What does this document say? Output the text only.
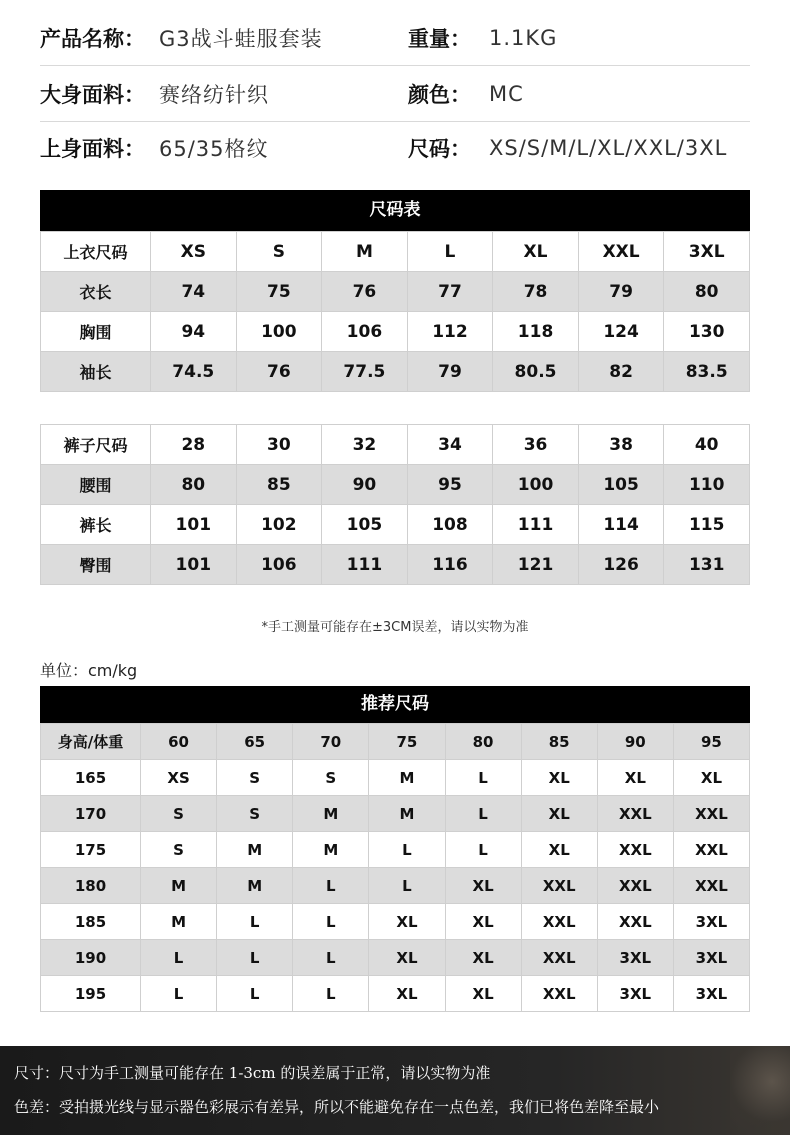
产品名称： G3战斗蛙服套装	重量： 1.1KG
大身面料： 赛络纺针织	颜色： MC
上身面料： 65/35格纹	尺码： XS/S/M/L/XL/XXL/3XL
尺码表
上衣尺码	XS	S	M	L	XL	XXL	3XL
衣长	74	75	76	77	78	79	80
胸围	94	100	106	112	118	124	130
袖长	74.5	76	77.5	79	80.5	82	83.5
裤子尺码	28	30	32	34	36	38	40
腰围	80	85	90	95	100	105	110
裤长	101	102	105	108	111	114	115
臀围	101	106	111	116	121	126	131
*手工测量可能存在±3CM误差，请以实物为准
单位：cm/kg
推荐尺码
身高/体重	60	65	70	75	80	85	90	95
165	XS	S	S	M	L	XL	XL	XL
170	S	S	M	M	L	XL	XXL	XXL
175	S	M	M	L	L	XL	XXL	XXL
180	M	M	L	L	XL	XXL	XXL	XXL
185	M	L	L	XL	XL	XXL	XXL	3XL
190	L	L	L	XL	XL	XXL	3XL	3XL
195	L	L	L	XL	XL	XXL	3XL	3XL
尺寸：尺寸为手工测量可能存在 1-3cm 的误差属于正常，请以实物为准
色差：受拍摄光线与显示器色彩展示有差异，所以不能避免存在一点色差，我们已将色差降至最小
